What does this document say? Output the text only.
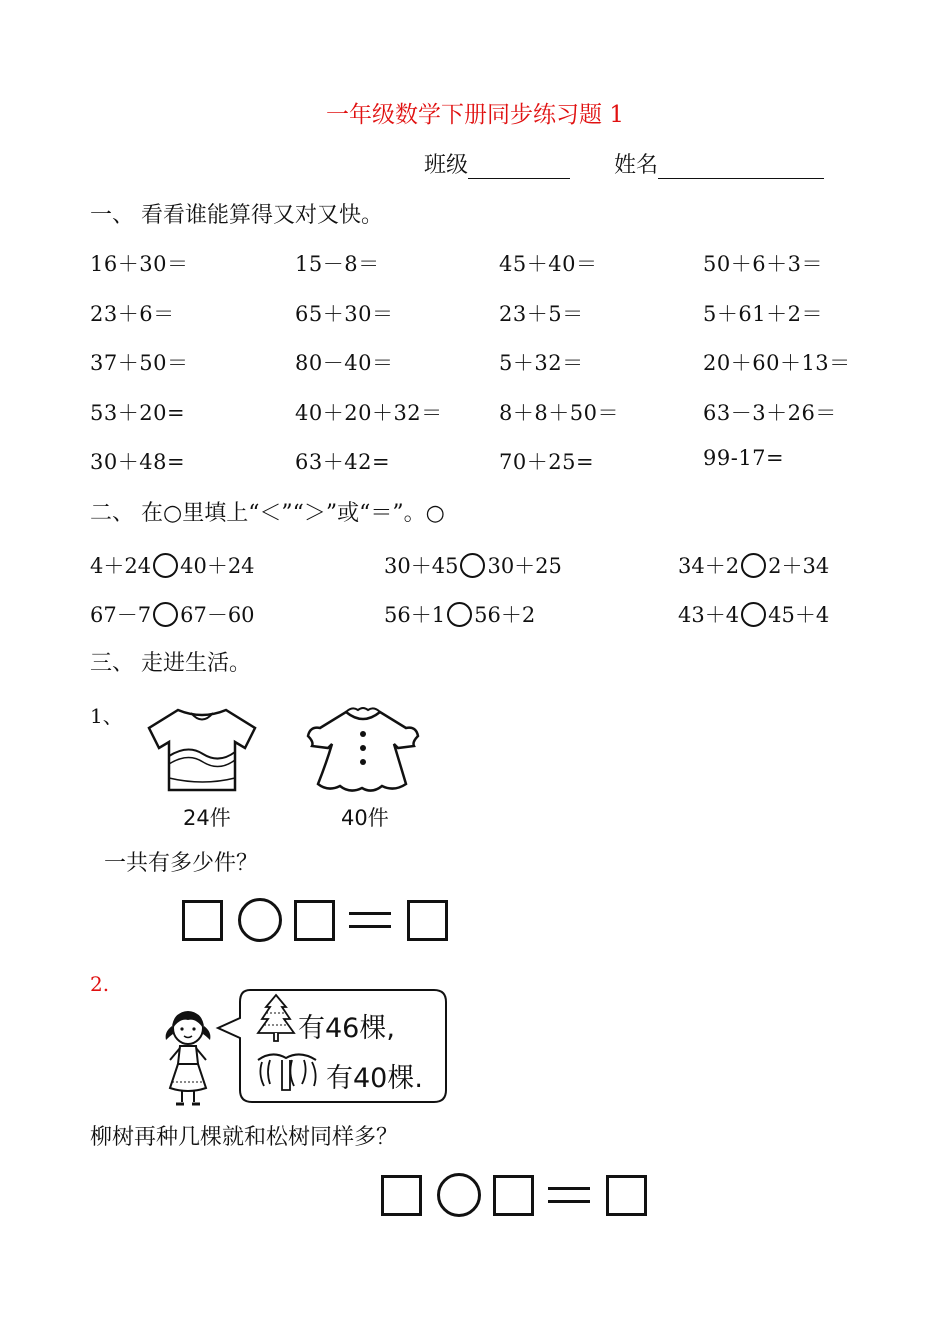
一年级数学下册同步练习题 1
班级	姓名
一、 看看谁能算得又对又快。
16＋30＝	15－8＝	45＋40＝	50＋6＋3＝
23＋6＝	65＋30＝	23＋5＝	5＋61＋2＝
37＋50＝	80－40＝	5＋32＝	20＋60＋13＝
53＋20=	40＋20＋32＝	8＋8＋50＝	63－3＋26＝
30＋48=	63＋42=	70＋25=	99-17=
二、 在○里填上“＜”“＞”或“＝”。○
4＋24 40＋24	30＋45 30＋25	34＋2 2＋34
67－7 67－60	56＋1 56＋2	43＋4 45＋4
三、 走进生活。
1、
24件	40件
一共有多少件？
2.
有46棵,
有40棵.
柳树再种几棵就和松树同样多？
